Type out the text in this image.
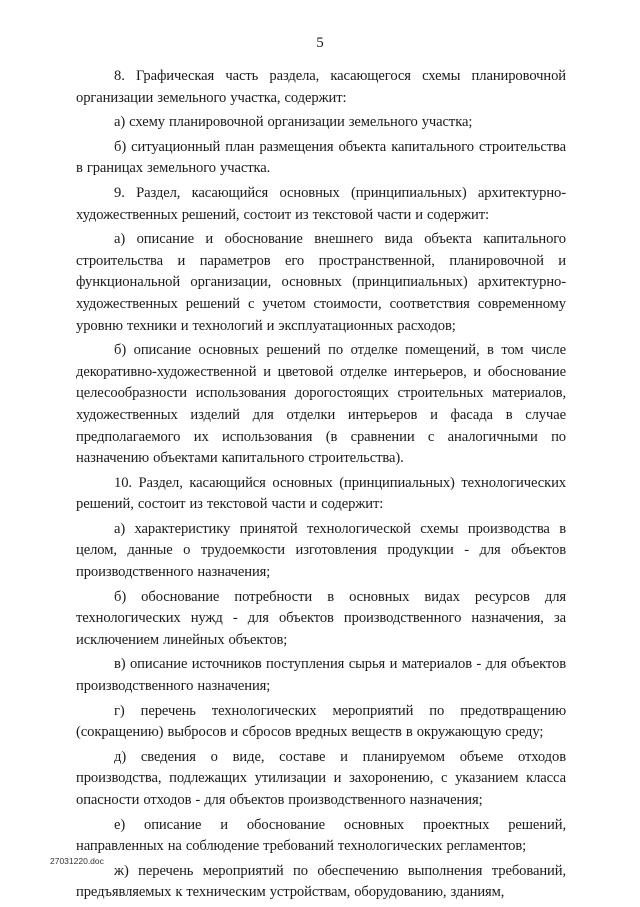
5

8. Графическая часть раздела, касающегося схемы планировочной организации земельного участка, содержит:

а) схему планировочной организации земельного участка;

б) ситуационный план размещения объекта капитального строительства в границах земельного участка.

9. Раздел, касающийся основных (принципиальных) архитектурно-художественных решений, состоит из текстовой части и содержит:

а) описание и обоснование внешнего вида объекта капитального строительства и параметров его пространственной, планировочной и функциональной организации, основных (принципиальных) архитектурно-художественных решений с учетом стоимости, соответствия современному уровню техники и технологий и эксплуатационных расходов;

б) описание основных решений по отделке помещений, в том числе декоративно-художественной и цветовой отделке интерьеров, и обоснование целесообразности использования дорогостоящих строительных материалов, художественных изделий для отделки интерьеров и фасада в случае предполагаемого их использования (в сравнении с аналогичными по назначению объектами капитального строительства).

10. Раздел, касающийся основных (принципиальных) технологических решений, состоит из текстовой части и содержит:

а) характеристику принятой технологической схемы производства в целом, данные о трудоемкости изготовления продукции - для объектов производственного назначения;

б) обоснование потребности в основных видах ресурсов для технологических нужд - для объектов производственного назначения, за исключением линейных объектов;

в) описание источников поступления сырья и материалов - для объектов производственного назначения;

г) перечень технологических мероприятий по предотвращению (сокращению) выбросов и сбросов вредных веществ в окружающую среду;

д) сведения о виде, составе и планируемом объеме отходов производства, подлежащих утилизации и захоронению, с указанием класса опасности отходов - для объектов производственного назначения;

е) описание и обоснование основных проектных решений, направленных на соблюдение требований технологических регламентов;

ж) перечень мероприятий по обеспечению выполнения требований, предъявляемых к техническим устройствам, оборудованию, зданиям,

27031220.doc
